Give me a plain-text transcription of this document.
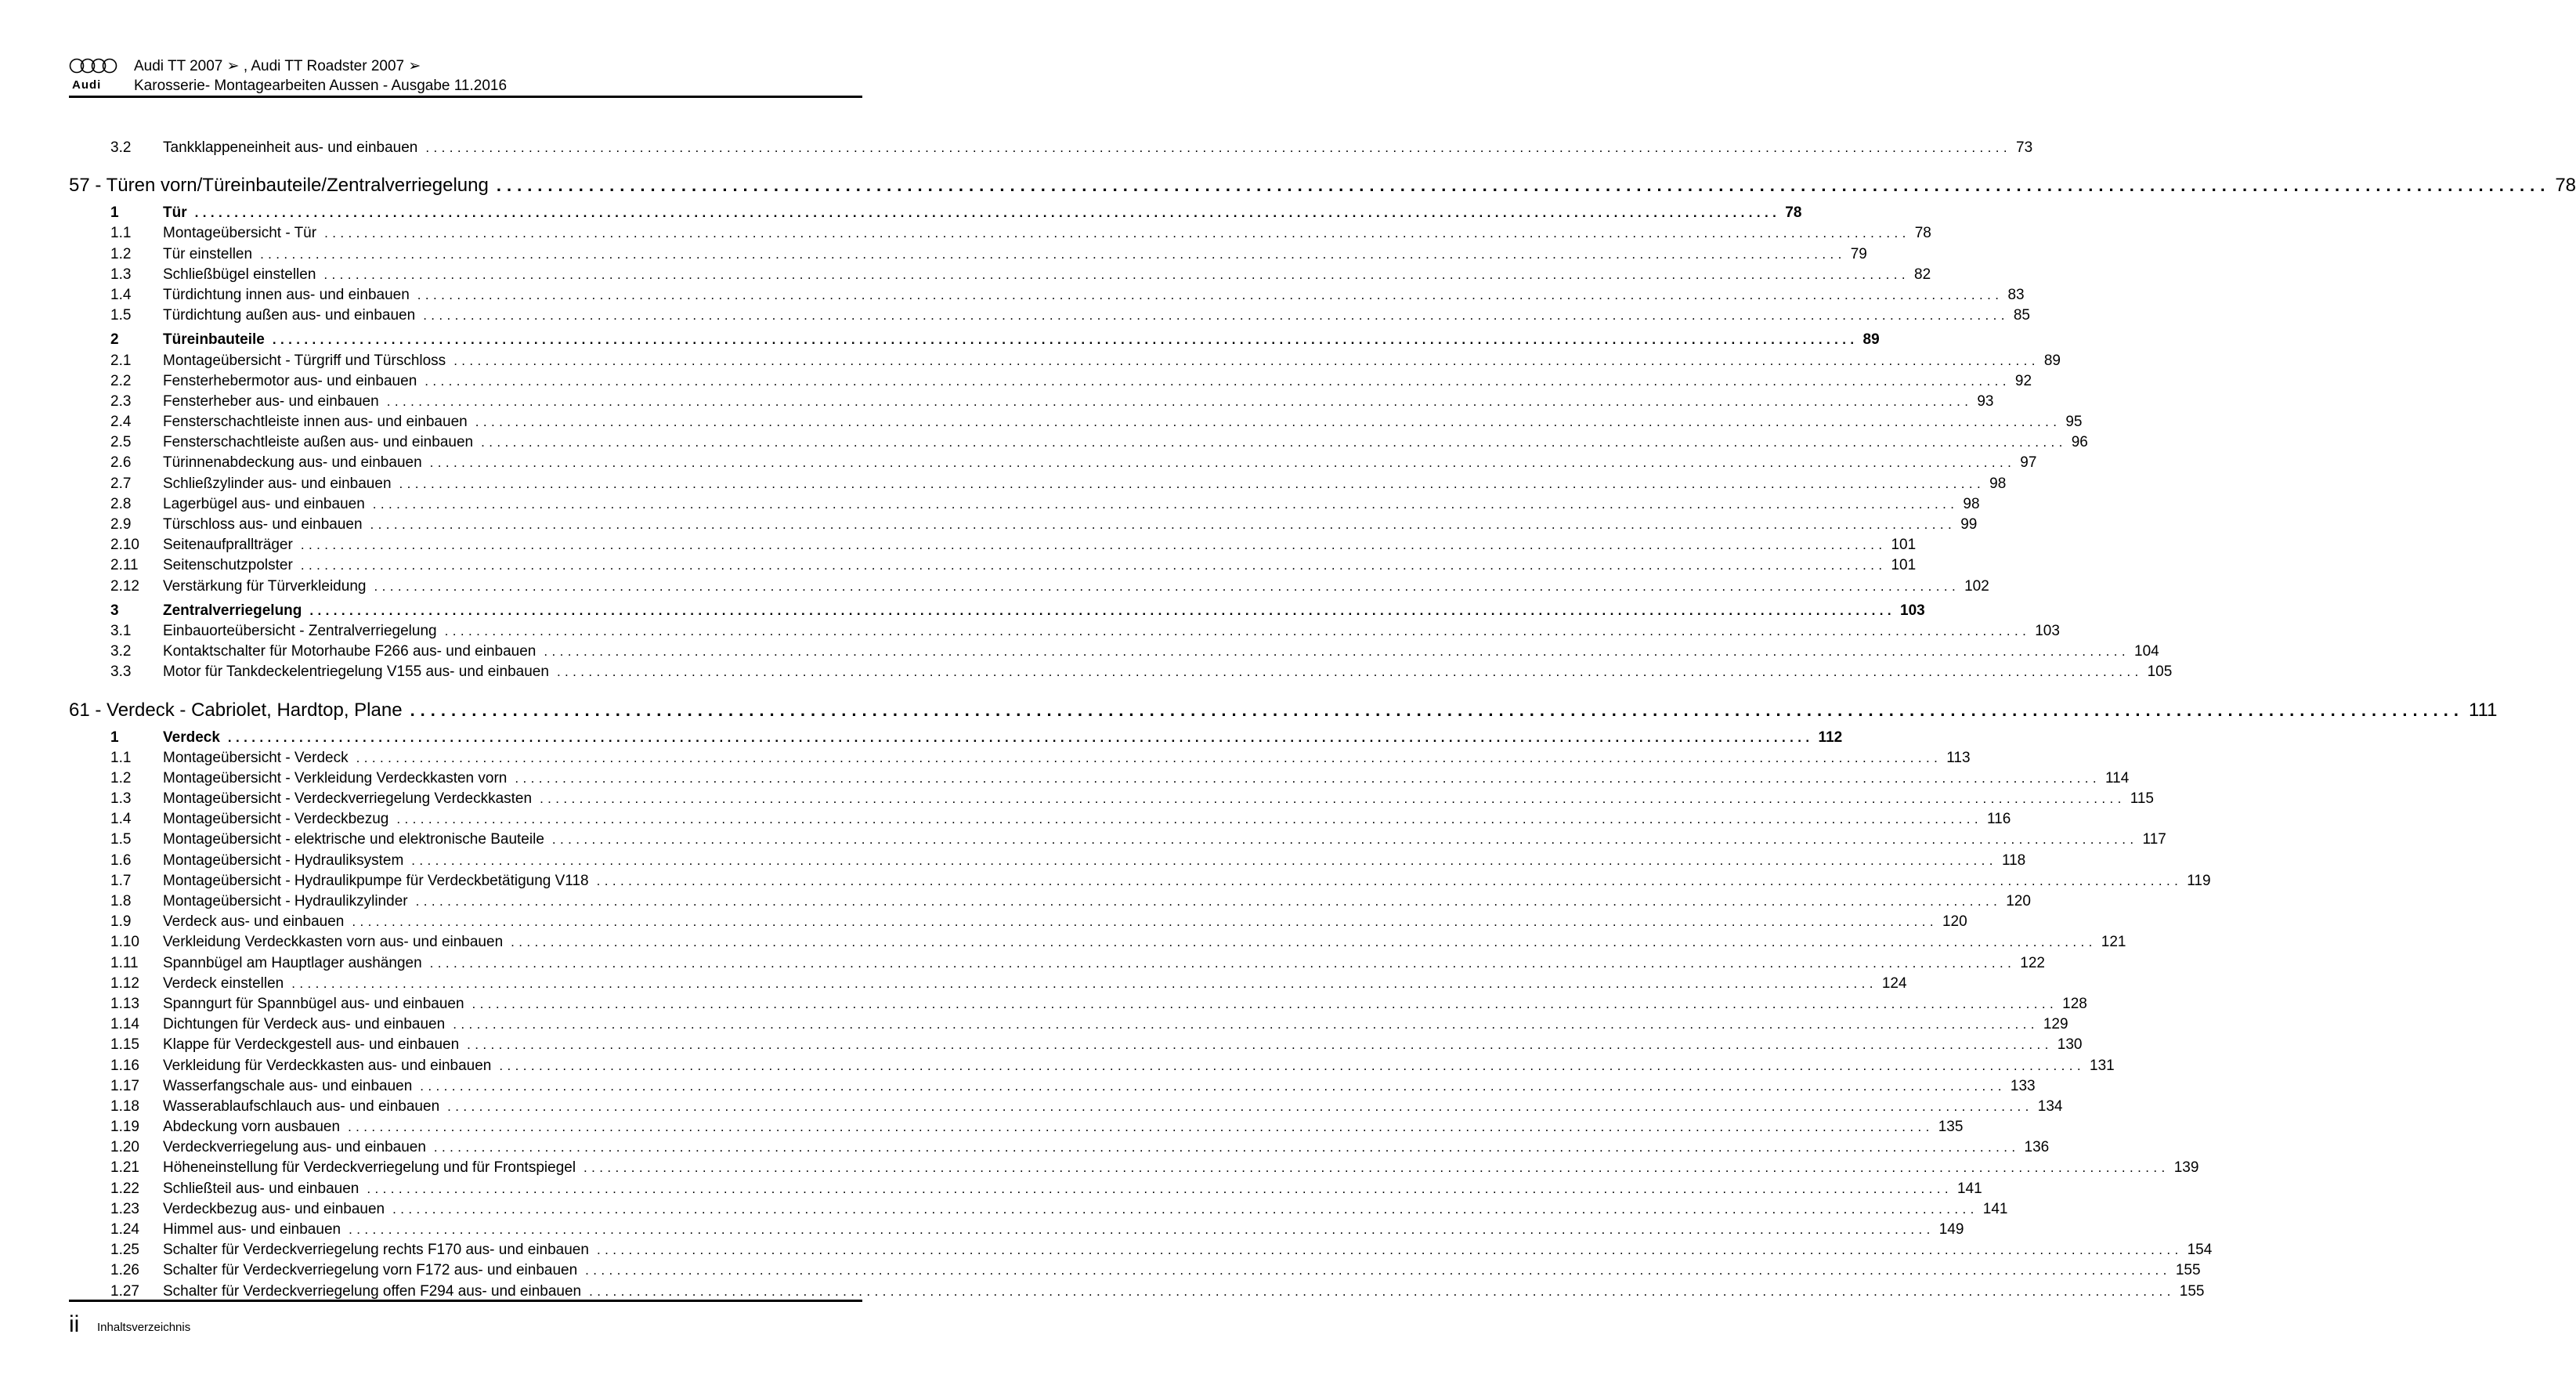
Audi
Audi TT 2007 ➢ , Audi TT Roadster 2007 ➢
Karosserie- Montagearbeiten Aussen - Ausgabe 11.2016
3.2	Tankklappeneinheit aus- und einbauen ........................................................................................................................................................................................................ 73
57 - Türen vorn/Türeinbauteile/Zentralverriegelung ........................................................................................................................................................................................................ 78
1	Tür ........................................................................................................................................................................................................ 78
1.1	Montageübersicht - Tür ........................................................................................................................................................................................................ 78
1.2	Tür einstellen ........................................................................................................................................................................................................ 79
1.3	Schließbügel einstellen ........................................................................................................................................................................................................ 82
1.4	Türdichtung innen aus- und einbauen ........................................................................................................................................................................................................ 83
1.5	Türdichtung außen aus- und einbauen ........................................................................................................................................................................................................ 85
2	Türeinbauteile ........................................................................................................................................................................................................ 89
2.1	Montageübersicht - Türgriff und Türschloss ........................................................................................................................................................................................................ 89
2.2	Fensterhebermotor aus- und einbauen ........................................................................................................................................................................................................ 92
2.3	Fensterheber aus- und einbauen ........................................................................................................................................................................................................ 93
2.4	Fensterschachtleiste innen aus- und einbauen ........................................................................................................................................................................................................ 95
2.5	Fensterschachtleiste außen aus- und einbauen ........................................................................................................................................................................................................ 96
2.6	Türinnenabdeckung aus- und einbauen ........................................................................................................................................................................................................ 97
2.7	Schließzylinder aus- und einbauen ........................................................................................................................................................................................................ 98
2.8	Lagerbügel aus- und einbauen ........................................................................................................................................................................................................ 98
2.9	Türschloss aus- und einbauen ........................................................................................................................................................................................................ 99
2.10	Seitenaufprallträger ........................................................................................................................................................................................................ 101
2.11	Seitenschutzpolster ........................................................................................................................................................................................................ 101
2.12	Verstärkung für Türverkleidung ........................................................................................................................................................................................................ 102
3	Zentralverriegelung ........................................................................................................................................................................................................ 103
3.1	Einbauorteübersicht - Zentralverriegelung ........................................................................................................................................................................................................ 103
3.2	Kontaktschalter für Motorhaube F266 aus- und einbauen ........................................................................................................................................................................................................ 104
3.3	Motor für Tankdeckelentriegelung V155 aus- und einbauen ........................................................................................................................................................................................................ 105
61 - Verdeck - Cabriolet, Hardtop, Plane ........................................................................................................................................................................................................ 111
1	Verdeck ........................................................................................................................................................................................................ 112
1.1	Montageübersicht - Verdeck ........................................................................................................................................................................................................ 113
1.2	Montageübersicht - Verkleidung Verdeckkasten vorn ........................................................................................................................................................................................................ 114
1.3	Montageübersicht - Verdeckverriegelung Verdeckkasten ........................................................................................................................................................................................................ 115
1.4	Montageübersicht - Verdeckbezug ........................................................................................................................................................................................................ 116
1.5	Montageübersicht - elektrische und elektronische Bauteile ........................................................................................................................................................................................................ 117
1.6	Montageübersicht - Hydrauliksystem ........................................................................................................................................................................................................ 118
1.7	Montageübersicht - Hydraulikpumpe für Verdeckbetätigung V118 ........................................................................................................................................................................................................ 119
1.8	Montageübersicht - Hydraulikzylinder ........................................................................................................................................................................................................ 120
1.9	Verdeck aus- und einbauen ........................................................................................................................................................................................................ 120
1.10	Verkleidung Verdeckkasten vorn aus- und einbauen ........................................................................................................................................................................................................ 121
1.11	Spannbügel am Hauptlager aushängen ........................................................................................................................................................................................................ 122
1.12	Verdeck einstellen ........................................................................................................................................................................................................ 124
1.13	Spanngurt für Spannbügel aus- und einbauen ........................................................................................................................................................................................................ 128
1.14	Dichtungen für Verdeck aus- und einbauen ........................................................................................................................................................................................................ 129
1.15	Klappe für Verdeckgestell aus- und einbauen ........................................................................................................................................................................................................ 130
1.16	Verkleidung für Verdeckkasten aus- und einbauen ........................................................................................................................................................................................................ 131
1.17	Wasserfangschale aus- und einbauen ........................................................................................................................................................................................................ 133
1.18	Wasserablaufschlauch aus- und einbauen ........................................................................................................................................................................................................ 134
1.19	Abdeckung vorn ausbauen ........................................................................................................................................................................................................ 135
1.20	Verdeckverriegelung aus- und einbauen ........................................................................................................................................................................................................ 136
1.21	Höheneinstellung für Verdeckverriegelung und für Frontspiegel ........................................................................................................................................................................................................ 139
1.22	Schließteil aus- und einbauen ........................................................................................................................................................................................................ 141
1.23	Verdeckbezug aus- und einbauen ........................................................................................................................................................................................................ 141
1.24	Himmel aus- und einbauen ........................................................................................................................................................................................................ 149
1.25	Schalter für Verdeckverriegelung rechts F170 aus- und einbauen ........................................................................................................................................................................................................ 154
1.26	Schalter für Verdeckverriegelung vorn F172 aus- und einbauen ........................................................................................................................................................................................................ 155
1.27	Schalter für Verdeckverriegelung offen F294 aus- und einbauen ........................................................................................................................................................................................................ 155
ii Inhaltsverzeichnis
